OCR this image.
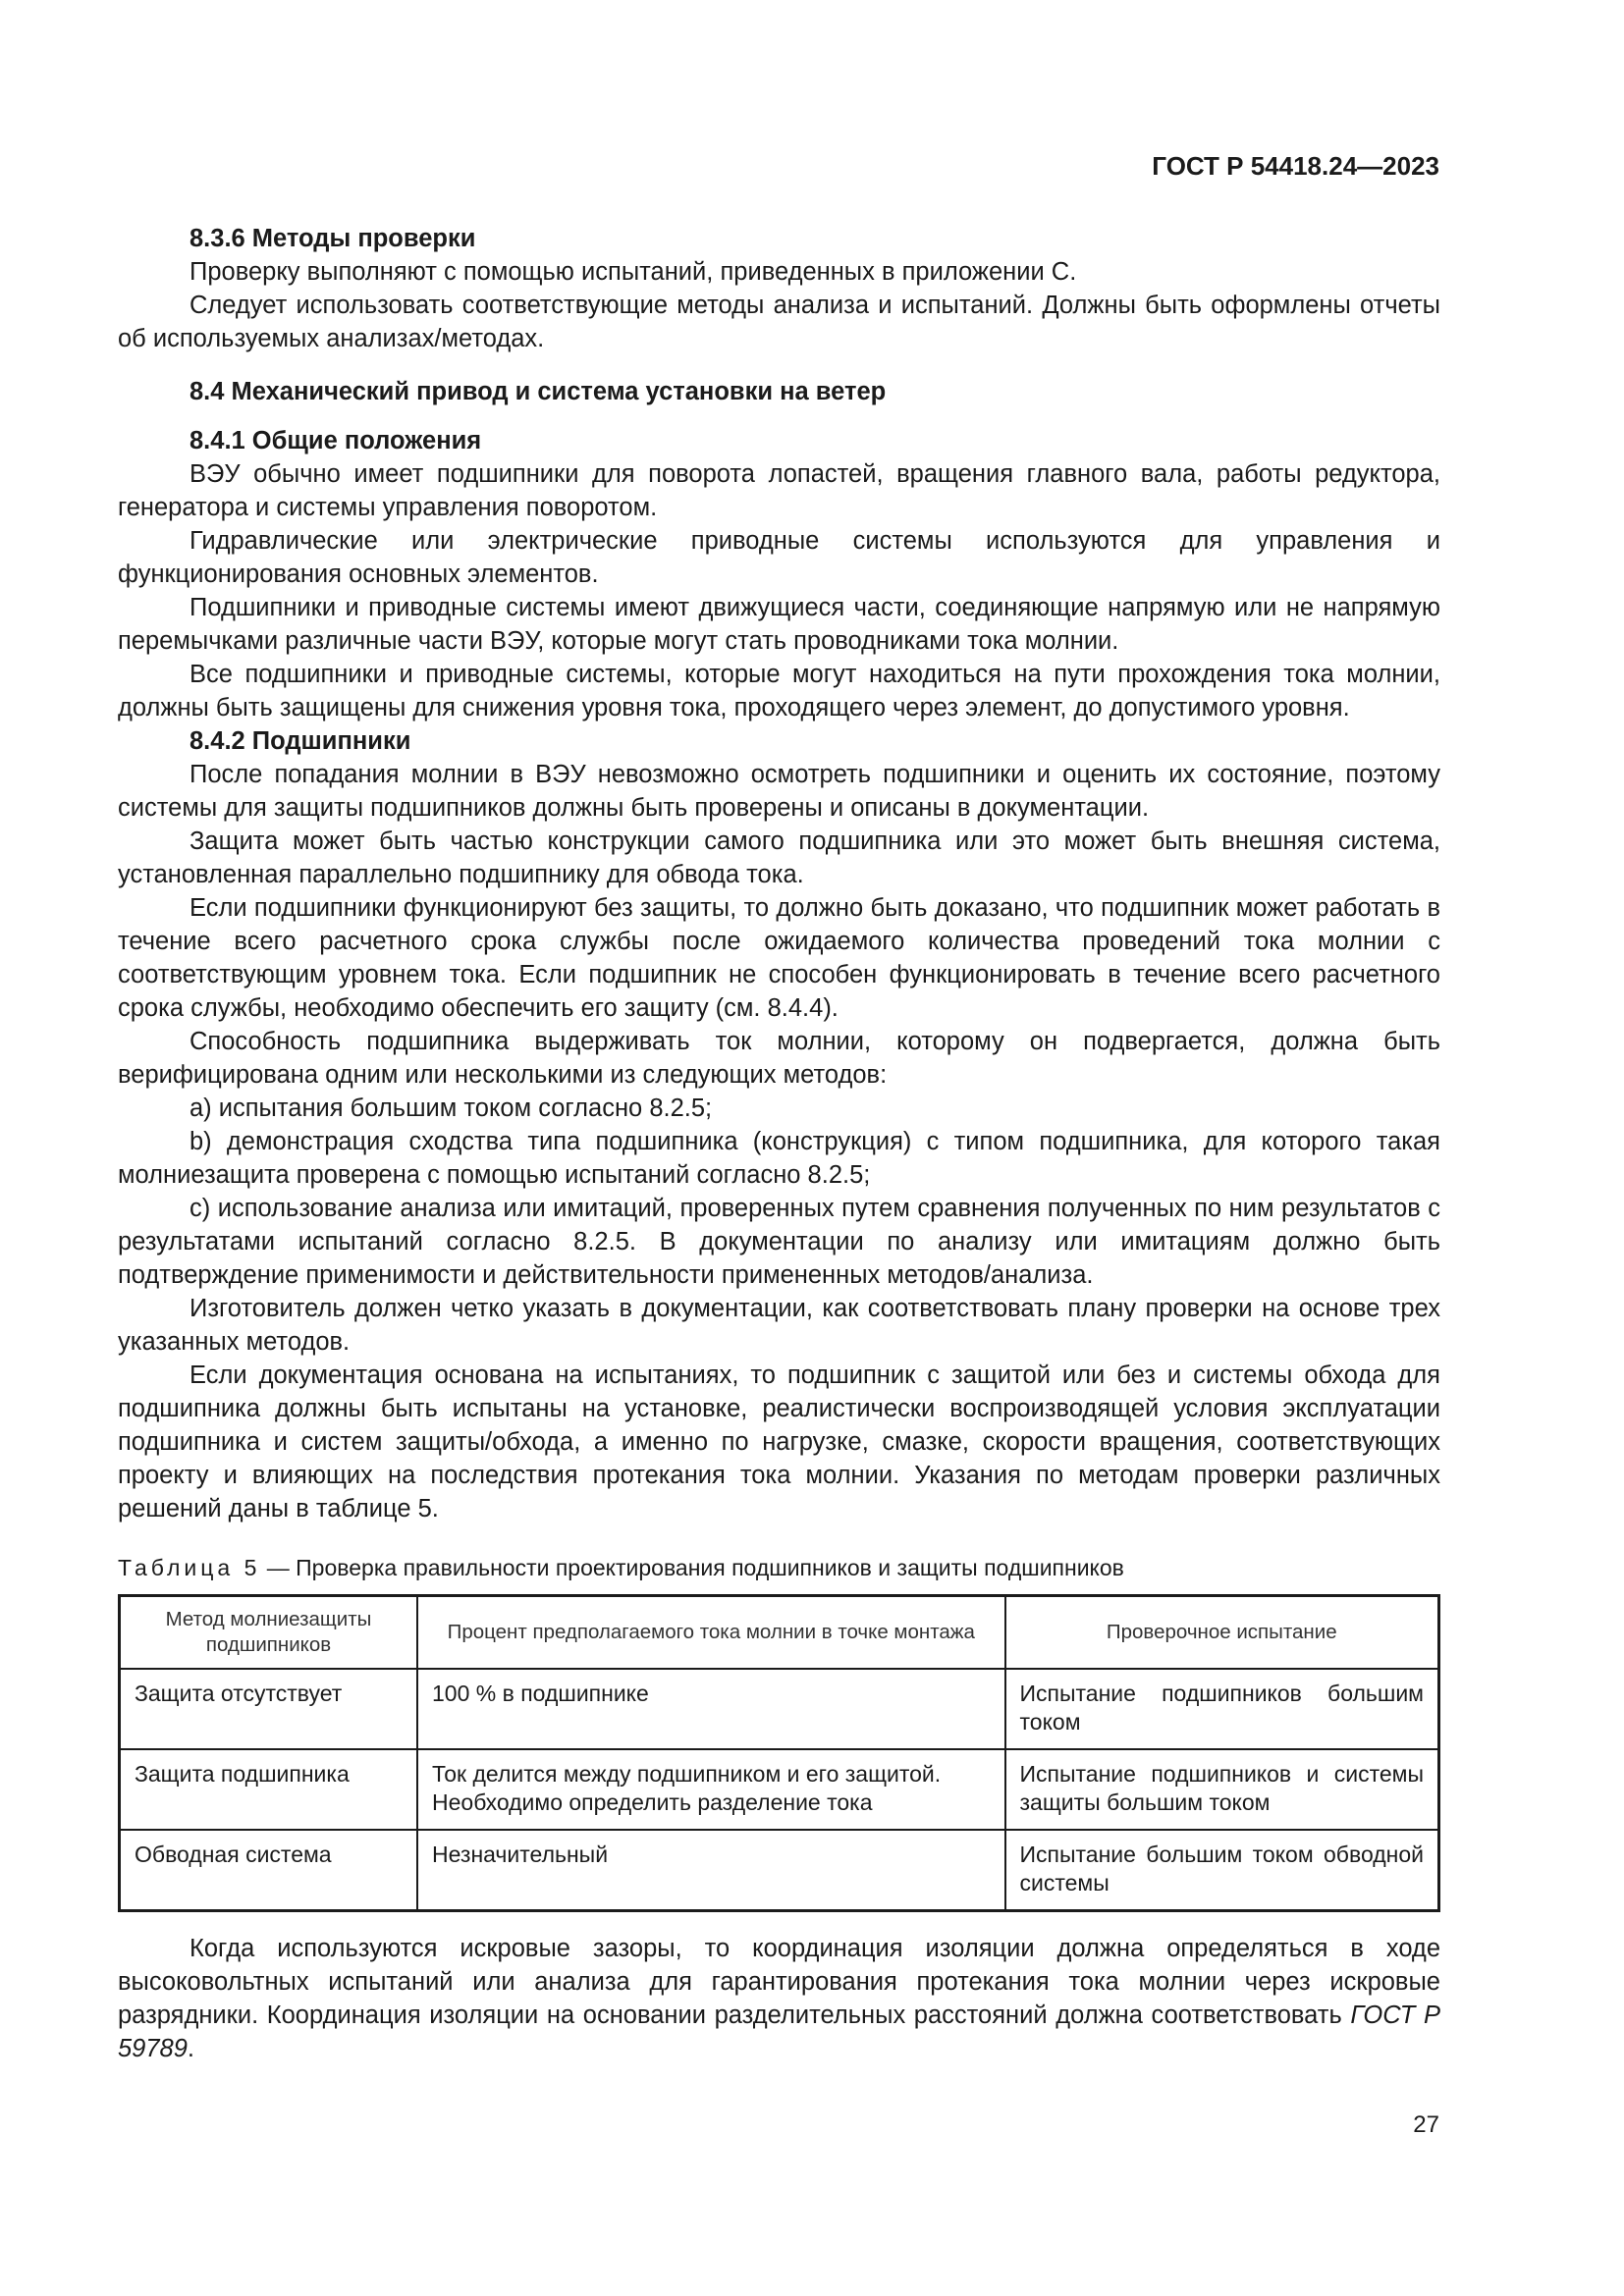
ГОСТ Р 54418.24—2023
8.3.6 Методы проверки

Проверку выполняют с помощью испытаний, приведенных в приложении С.

Следует использовать соответствующие методы анализа и испытаний. Должны быть оформлены отчеты об используемых анализах/методах.

8.4 Механический привод и система установки на ветер
8.4.1 Общие положения

ВЭУ обычно имеет подшипники для поворота лопастей, вращения главного вала, работы редуктора, генератора и системы управления поворотом.

Гидравлические или электрические приводные системы используются для управления и функционирования основных элементов.

Подшипники и приводные системы имеют движущиеся части, соединяющие напрямую или не напрямую перемычками различные части ВЭУ, которые могут стать проводниками тока молнии.

Все подшипники и приводные системы, которые могут находиться на пути прохождения тока молнии, должны быть защищены для снижения уровня тока, проходящего через элемент, до допустимого уровня.

8.4.2 Подшипники

После попадания молнии в ВЭУ невозможно осмотреть подшипники и оценить их состояние, поэтому системы для защиты подшипников должны быть проверены и описаны в документации.

Защита может быть частью конструкции самого подшипника или это может быть внешняя система, установленная параллельно подшипнику для обвода тока.

Если подшипники функционируют без защиты, то должно быть доказано, что подшипник может работать в течение всего расчетного срока службы после ожидаемого количества проведений тока молнии с соответствующим уровнем тока. Если подшипник не способен функционировать в течение всего расчетного срока службы, необходимо обеспечить его защиту (см. 8.4.4).

Способность подшипника выдерживать ток молнии, которому он подвергается, должна быть верифицирована одним или несколькими из следующих методов:

а) испытания большим током согласно 8.2.5;

b) демонстрация сходства типа подшипника (конструкция) с типом подшипника, для которого такая молниезащита проверена с помощью испытаний согласно 8.2.5;

с) использование анализа или имитаций, проверенных путем сравнения полученных по ним результатов с результатами испытаний согласно 8.2.5. В документации по анализу или имитациям должно быть подтверждение применимости и действительности примененных методов/анализа.

Изготовитель должен четко указать в документации, как соответствовать плану проверки на основе трех указанных методов.

Если документация основана на испытаниях, то подшипник с защитой или без и системы обхода для подшипника должны быть испытаны на установке, реалистически воспроизводящей условия эксплуатации подшипника и систем защиты/обхода, а именно по нагрузке, смазке, скорости вращения, соответствующих проекту и влияющих на последствия протекания тока молнии. Указания по методам проверки различных решений даны в таблице 5.

Таблица 5 — Проверка правильности проектирования подшипников и защиты подшипников

Метод молниезащиты подшипников	Процент предполагаемого тока молнии в точке монтажа	Проверочное испытание
Защита отсутствует	100 % в подшипнике	Испытание подшипников большим током
Защита подшипника	Ток делится между подшипником и его защитой. Необходимо определить разделение тока	Испытание подшипников и системы защиты большим током
Обводная система	Незначительный	Испытание большим током обводной системы

Когда используются искровые зазоры, то координация изоляции должна определяться в ходе высоковольтных испытаний или анализа для гарантирования протекания тока молнии через искровые разрядники. Координация изоляции на основании разделительных расстояний должна соответствовать ГОСТ Р 59789.

27
